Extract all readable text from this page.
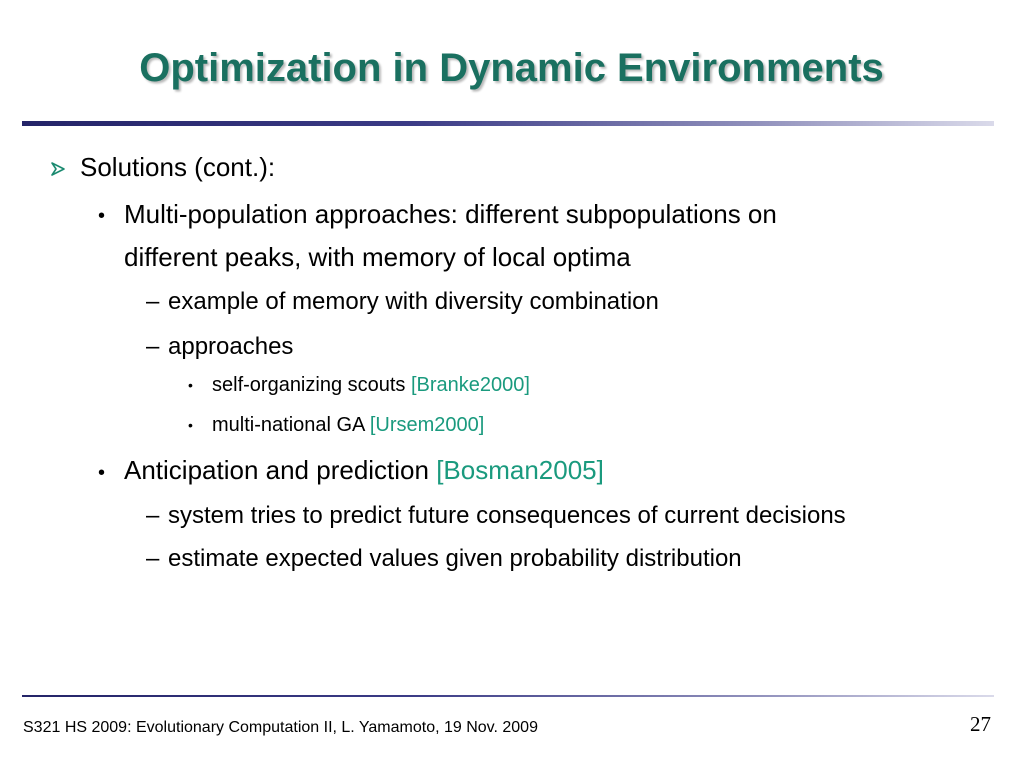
Optimization in Dynamic Environments
Solutions (cont.):
• Multi-population approaches: different subpopulations on
different peaks, with memory of local optima
– example of memory with diversity combination
– approaches
• self-organizing scouts [Branke2000]
• multi-national GA [Ursem2000]
• Anticipation and prediction [Bosman2005]
– system tries to predict future consequences of current decisions
– estimate expected values given probability distribution
S321 HS 2009: Evolutionary Computation II, L. Yamamoto, 19 Nov. 2009	27
